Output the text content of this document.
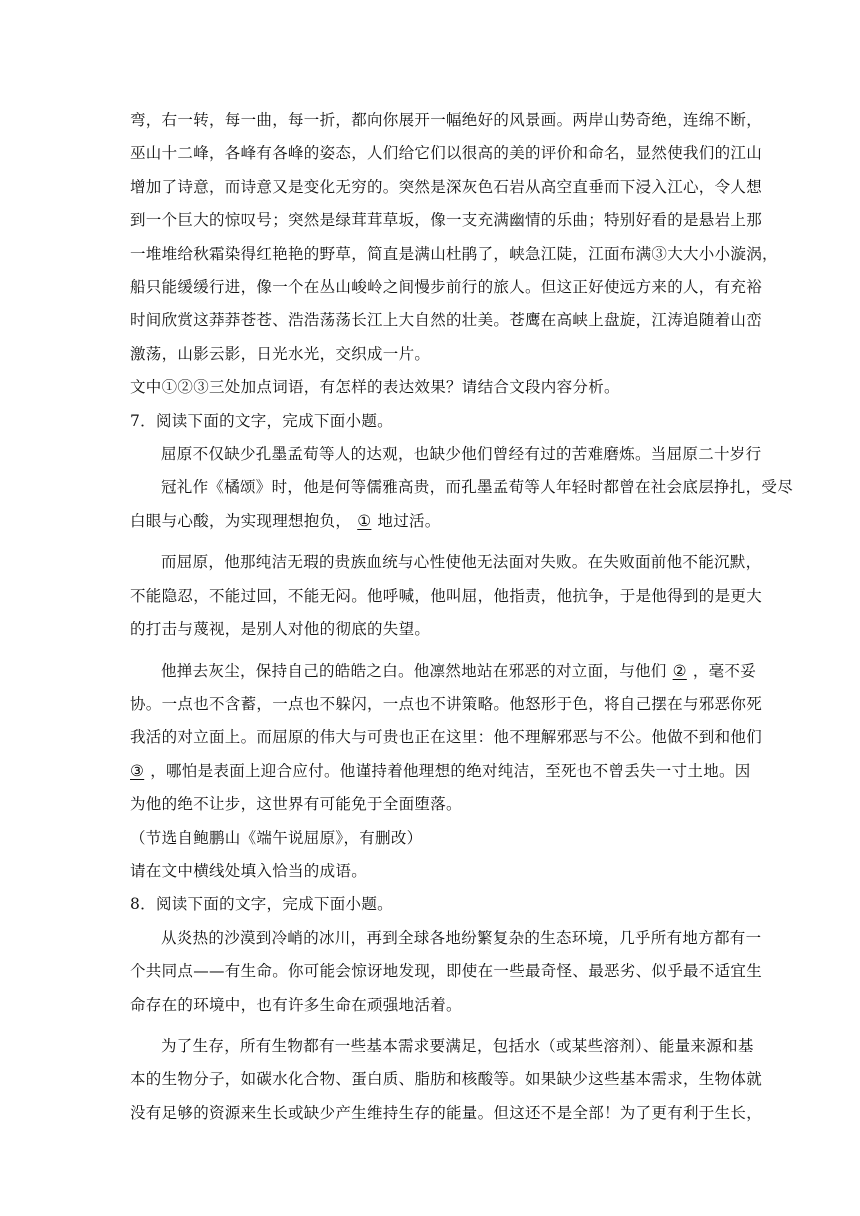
弯，右一转，每一曲，每一折，都向你展开一幅绝好的风景画。两岸山势奇绝，连绵不断，
巫山十二峰，各峰有各峰的姿态，人们给它们以很高的美的评价和命名，显然使我们的江山
增加了诗意，而诗意又是变化无穷的。突然是深灰色石岩从高空直垂而下浸入江心，令人想
到一个巨大的惊叹号；突然是绿茸茸草坂，像一支充满幽情的乐曲；特别好看的是悬岩上那
一堆堆给秋霜染得红艳艳的野草，简直是满山杜鹃了，峡急江陡，江面布满③大大小小漩涡，
船只能缓缓行进，像一个在丛山峻岭之间慢步前行的旅人。但这正好使远方来的人，有充裕
时间欣赏这莽莽苍苍、浩浩荡荡长江上大自然的壮美。苍鹰在高峡上盘旋，江涛追随着山峦
激荡，山影云影，日光水光，交织成一片。
文中①②③三处加点词语，有怎样的表达效果？请结合文段内容分析。

7．阅读下面的文字，完成下面小题。

屈原不仅缺少孔墨孟荀等人的达观，也缺少他们曾经有过的苦难磨炼。当屈原二十岁行
冠礼作《橘颂》时，他是何等儒雅高贵，而孔墨孟荀等人年轻时都曾在社会底层挣扎，受尽
白眼与心酸，为实现理想抱负， ① 地过活。

而屈原，他那纯洁无瑕的贵族血统与心性使他无法面对失败。在失败面前他不能沉默，
不能隐忍，不能过回，不能无闷。他呼喊，他叫屈，他指责，他抗争，于是他得到的是更大
的打击与蔑视，是别人对他的彻底的失望。

他掸去灰尘，保持自己的皓皓之白。他凛然地站在邪恶的对立面，与他们 ② ，毫不妥
协。一点也不含蓄，一点也不躲闪，一点也不讲策略。他怒形于色，将自己摆在与邪恶你死
我活的对立面上。而屈原的伟大与可贵也正在这里：他不理解邪恶与不公。他做不到和他们
③ ，哪怕是表面上迎合应付。他谨持着他理想的绝对纯洁，至死也不曾丢失一寸土地。因
为他的绝不让步，这世界有可能免于全面堕落。

（节选自鲍鹏山《端午说屈原》，有删改）

请在文中横线处填入恰当的成语。

8．阅读下面的文字，完成下面小题。

从炎热的沙漠到冷峭的冰川，再到全球各地纷繁复杂的生态环境，几乎所有地方都有一
个共同点——有生命。你可能会惊讶地发现，即使在一些最奇怪、最恶劣、似乎最不适宜生
命存在的环境中，也有许多生命在顽强地活着。

为了生存，所有生物都有一些基本需求要满足，包括水（或某些溶剂）、能量来源和基
本的生物分子，如碳水化合物、蛋白质、脂肪和核酸等。如果缺少这些基本需求，生物体就
没有足够的资源来生长或缺少产生维持生存的能量。但这还不是全部！为了更有利于生长，
